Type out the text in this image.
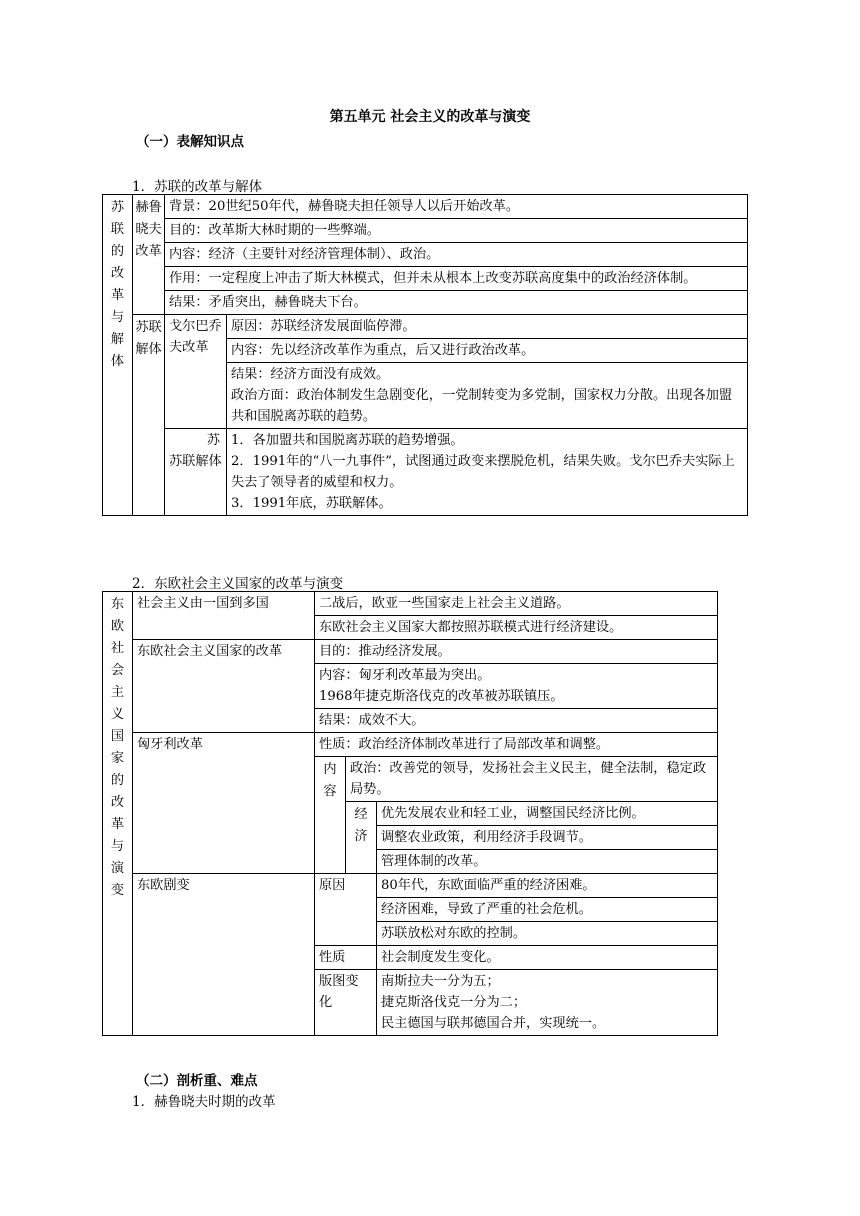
第五单元 社会主义的改革与演变
（一）表解知识点
1．苏联的改革与解体
苏联的改革与解体	赫鲁晓夫改革	背景：20世纪50年代，赫鲁晓夫担任领导人以后开始改革。	
		目的：改革斯大林时期的一些弊端。	
		内容：经济（主要针对经济管理体制）、政治。	
		作用：一定程度上冲击了斯大林模式，但并未从根本上改变苏联高度集中的政治经济体制。	
		结果：矛盾突出，赫鲁晓夫下台。	
	苏联解体	戈尔巴乔夫改革	原因：苏联经济发展面临停滞。
			内容：先以经济改革作为重点，后又进行政治改革。

			结果：经济方面没有成效。
政治方面：政治体制发生急剧变化，一党制转变为多党制，国家权力分散。出现各加盟共和国脱离苏联的趋势。

		苏
苏联解体	1．各加盟共和国脱离苏联的趋势增强。
2．1991年的“八一九事件”，试图通过政变来摆脱危机，结果失败。戈尔巴乔夫实际上失去了领导者的威望和权力。
3．1991年底，苏联解体。
2．东欧社会主义国家的改革与演变
东欧社会主义国家的改革与演变	社会主义由一国到多国	二战后，欧亚一些国家走上社会主义道路。		
		东欧社会主义国家大都按照苏联模式进行经济建设。		
	东欧社会主义国家的改革	目的：推动经济发展。		

		内容：匈牙利改革最为突出。
1968年捷克斯洛伐克的改革被苏联镇压。		

		结果：成效不大。		
	匈牙利改革	性质：政治经济体制改革进行了局部改革和调整。		
		内容	政治：改善党的领导，发扬社会主义民主，健全法制，稳定政局势。	
			经济	优先发展农业和轻工业，调整国民经济比例。
				调整农业政策，利用经济手段调节。
				管理体制的改革。
	东欧剧变	原因		80年代，东欧面临严重的经济困难。
				经济困难，导致了严重的社会危机。
				苏联放松对东欧的控制。
		性质		社会制度发生变化。
		版图变化		南斯拉夫一分为五；
捷克斯洛伐克一分为二；
民主德国与联邦德国合并，实现统一。
（二）剖析重、难点
1．赫鲁晓夫时期的改革
